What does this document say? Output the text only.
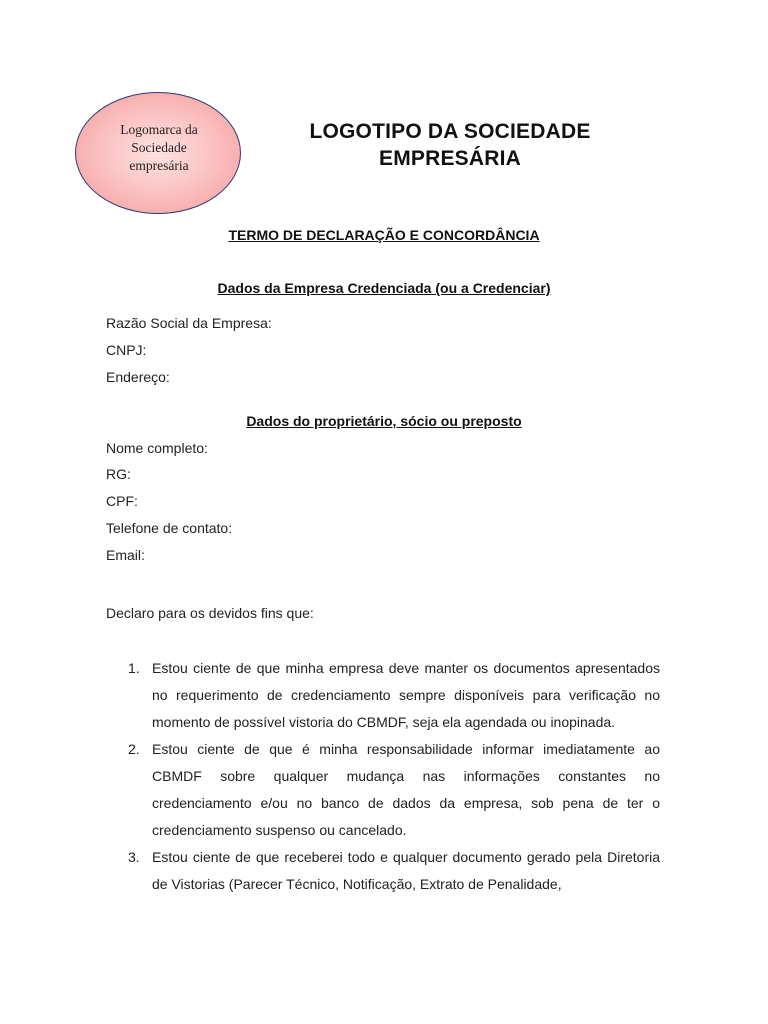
Logomarca da Sociedade empresária
LOGOTIPO DA SOCIEDADE
EMPRESÁRIA
TERMO DE DECLARAÇÃO E CONCORDÂNCIA
Dados da Empresa Credenciada (ou a Credenciar)
Razão Social da Empresa:
CNPJ:
Endereço:
Dados do proprietário, sócio ou preposto
Nome completo:
RG:
CPF:
Telefone de contato:
Email:
Declaro para os devidos fins que:
1. Estou ciente de que minha empresa deve manter os documentos apresentados no requerimento de credenciamento sempre disponíveis para verificação no momento de possível vistoria do CBMDF, seja ela agendada ou inopinada.
2. Estou ciente de que é minha responsabilidade informar imediatamente ao CBMDF sobre qualquer mudança nas informações constantes no credenciamento e/ou no banco de dados da empresa, sob pena de ter o credenciamento suspenso ou cancelado.
3. Estou ciente de que receberei todo e qualquer documento gerado pela Diretoria de Vistorias (Parecer Técnico, Notificação, Extrato de Penalidade,
